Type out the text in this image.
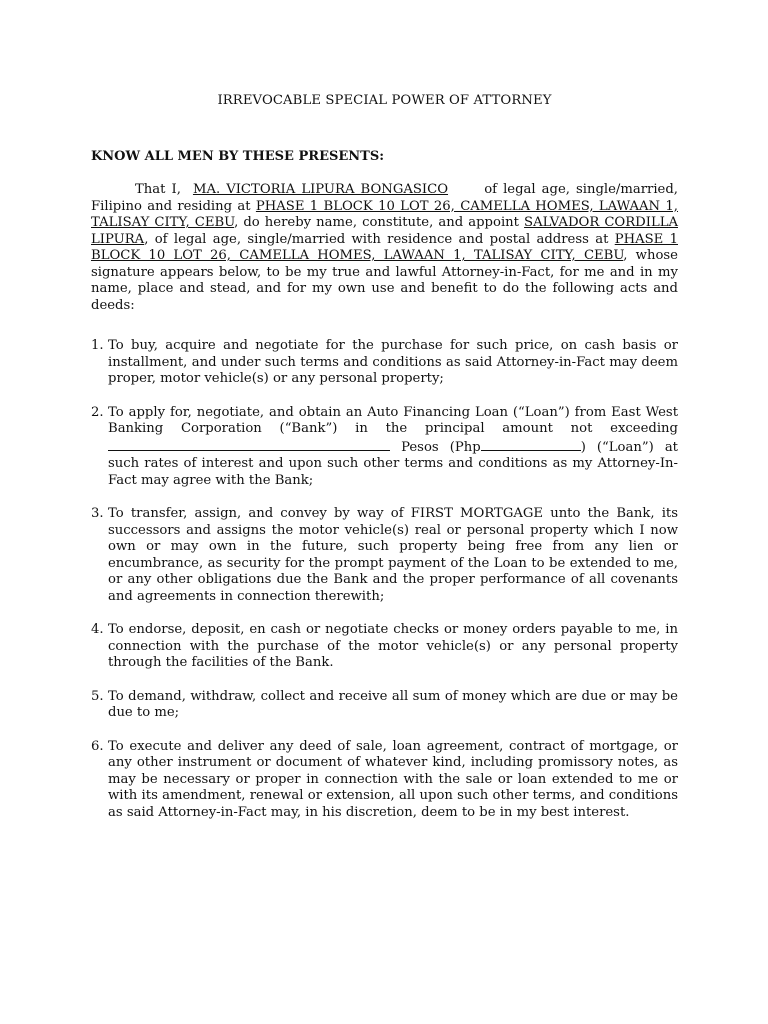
IRREVOCABLE SPECIAL POWER OF ATTORNEY
KNOW ALL MEN BY THESE PRESENTS:
That I, MA. VICTORIA LIPURA BONGASICO	of legal age, single/married, Filipino and residing at PHASE 1 BLOCK 10 LOT 26, CAMELLA HOMES, LAWAAN 1, TALISAY CITY, CEBU, do hereby name, constitute, and appoint SALVADOR CORDILLA LIPURA, of legal age, single/married with residence and postal address at PHASE 1 BLOCK 10 LOT 26, CAMELLA HOMES, LAWAAN 1, TALISAY CITY, CEBU, whose signature appears below, to be my true and lawful Attorney-in-Fact, for me and in my name, place and stead, and for my own use and benefit to do the following acts and deeds:
1. To buy, acquire and negotiate for the purchase for such price, on cash basis or installment, and under such terms and conditions as said Attorney-in-Fact may deem proper, motor vehicle(s) or any personal property;
2. To apply for, negotiate, and obtain an Auto Financing Loan (“Loan”) from East West Banking Corporation (“Bank”) in the principal amount not exceeding  Pesos (Php	) (“Loan”) at such rates of interest and upon such other terms and conditions as my Attorney-In-Fact may agree with the Bank;
3. To transfer, assign, and convey by way of FIRST MORTGAGE unto the Bank, its successors and assigns the motor vehicle(s) real or personal property which I now own or may own in the future, such property being free from any lien or encumbrance, as security for the prompt payment of the Loan to be extended to me, or any other obligations due the Bank and the proper performance of all covenants and agreements in connection therewith;
4. To endorse, deposit, en cash or negotiate checks or money orders payable to me, in connection with the purchase of the motor vehicle(s) or any personal property through the facilities of the Bank.
5. To demand, withdraw, collect and receive all sum of money which are due or may be due to me;
6. To execute and deliver any deed of sale, loan agreement, contract of mortgage, or any other instrument or document of whatever kind, including promissory notes, as may be necessary or proper in connection with the sale or loan extended to me or with its amendment, renewal or extension, all upon such other terms, and conditions as said Attorney-in-Fact may, in his discretion, deem to be in my best interest.
